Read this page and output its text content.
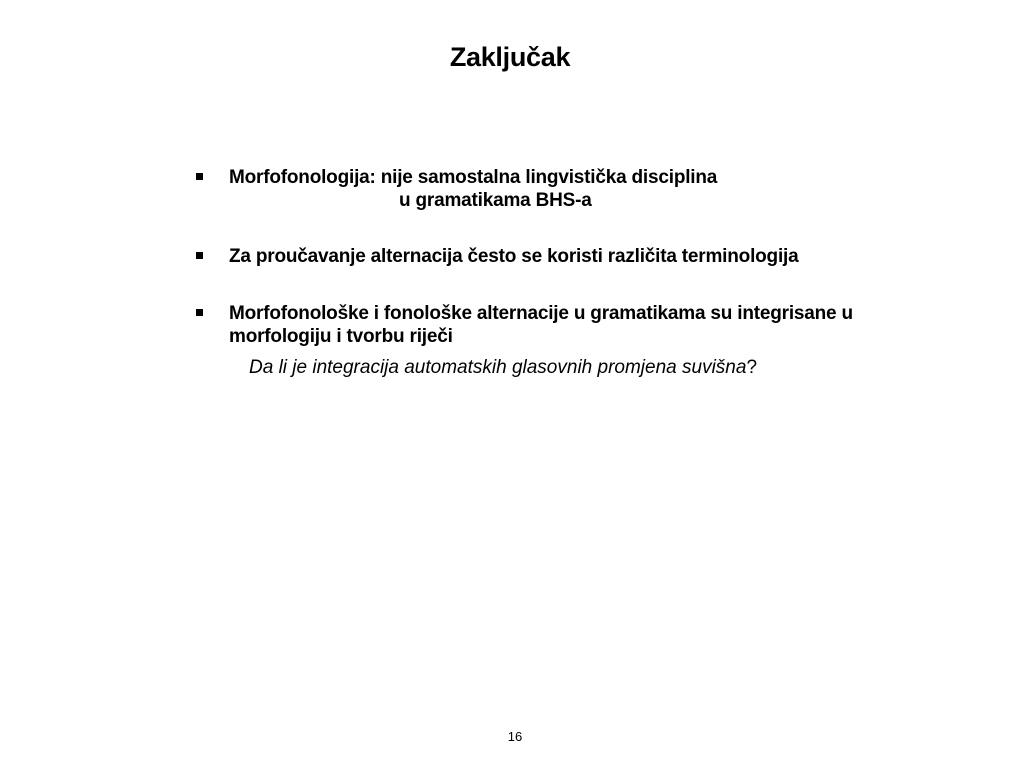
Zaključak
Morfofonologija: nije samostalna lingvistička disciplina
u gramatikama BHS-a
Za proučavanje alternacija često se koristi različita terminologija
Morfofonološke i fonološke alternacije u gramatikama su integrisane u morfologiju i tvorbu riječi
Da li je integracija automatskih glasovnih promjena suvišna?
16
